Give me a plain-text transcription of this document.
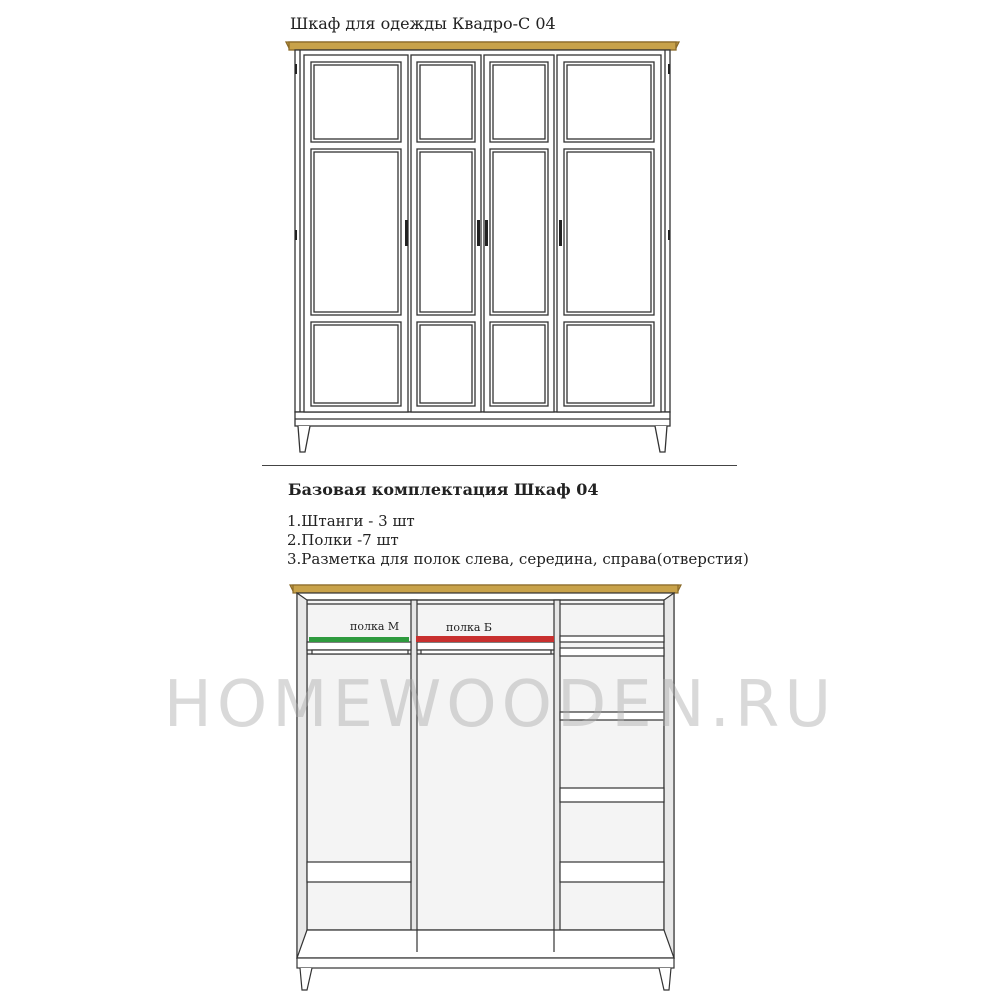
Шкаф для одежды Квадро-С 04
полка М	полка Б
Базовая комплектация Шкаф 04
1.Штанги - 3 шт
2.Полки -7 шт
3.Разметка для полок слева, середина, справа(отверстия)
HOMEWOODEN.RU
